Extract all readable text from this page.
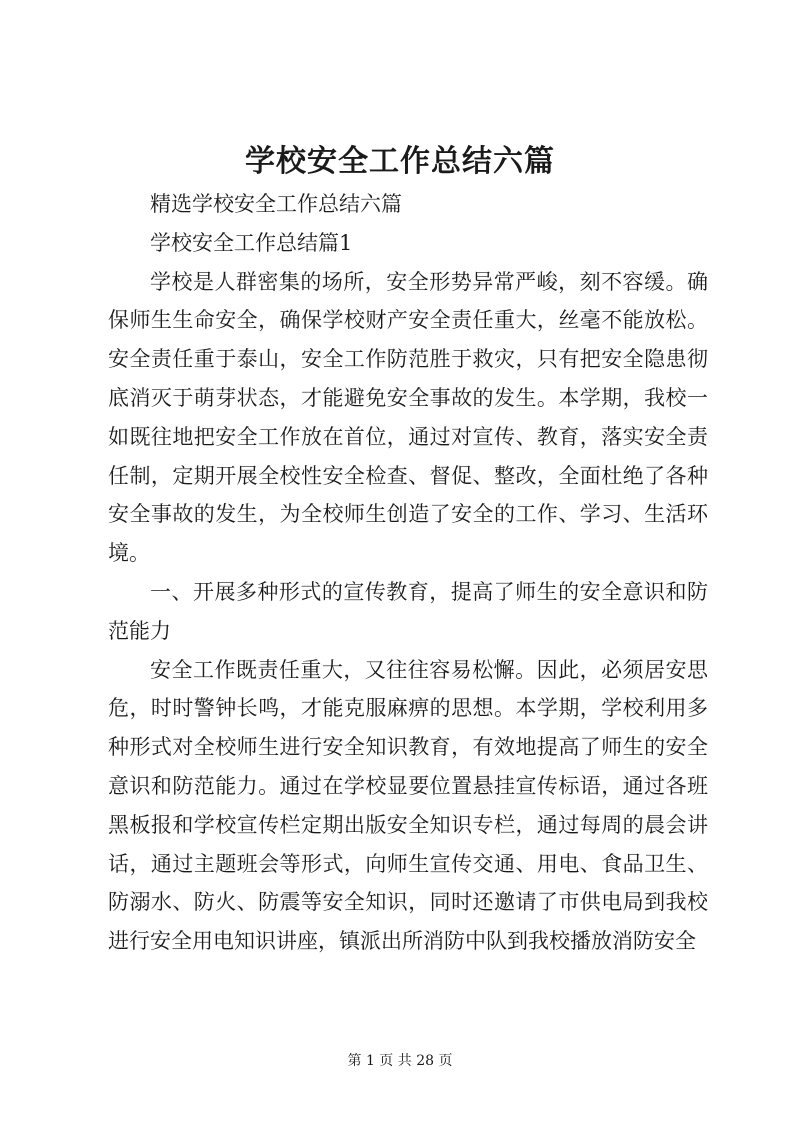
学校安全工作总结六篇

精选学校安全工作总结六篇

学校安全工作总结篇1

学校是人群密集的场所，安全形势异常严峻，刻不容缓。确保师生生命安全，确保学校财产安全责任重大，丝毫不能放松。安全责任重于泰山，安全工作防范胜于救灾，只有把安全隐患彻底消灭于萌芽状态，才能避免安全事故的发生。本学期，我校一如既往地把安全工作放在首位，通过对宣传、教育，落实安全责任制，定期开展全校性安全检查、督促、整改，全面杜绝了各种安全事故的发生，为全校师生创造了安全的工作、学习、生活环境。

一、开展多种形式的宣传教育，提高了师生的安全意识和防范能力

安全工作既责任重大，又往往容易松懈。因此，必须居安思危，时时警钟长鸣，才能克服麻痹的思想。本学期，学校利用多种形式对全校师生进行安全知识教育，有效地提高了师生的安全意识和防范能力。通过在学校显要位置悬挂宣传标语，通过各班黑板报和学校宣传栏定期出版安全知识专栏，通过每周的晨会讲话，通过主题班会等形式，向师生宣传交通、用电、食品卫生、防溺水、防火、防震等安全知识，同时还邀请了市供电局到我校进行安全用电知识讲座，镇派出所消防中队到我校播放消防安全

第 1 页 共 28 页
